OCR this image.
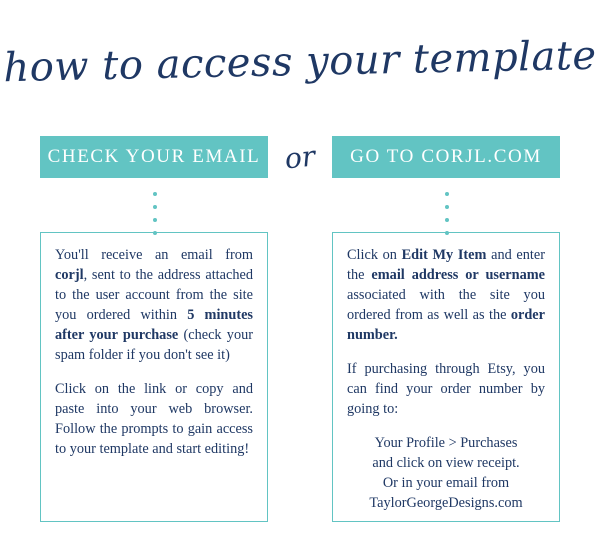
how to access your template
CHECK YOUR EMAIL or	GO TO CORJL.COM

You'll receive an email from corjl, sent to the address attached to the user account from the site you ordered within 5 minutes after your purchase (check your spam folder if you don't see it)

Click on the link or copy and paste into your web browser. Follow the prompts to gain access to your template and start editing!

Click on Edit My Item and enter the email address or username associated with the site you ordered from as well as the order number.

If purchasing through Etsy, you can find your order number by going to:

Your Profile > Purchases
and click on view receipt.
Or in your email from
TaylorGeorgeDesigns.com
